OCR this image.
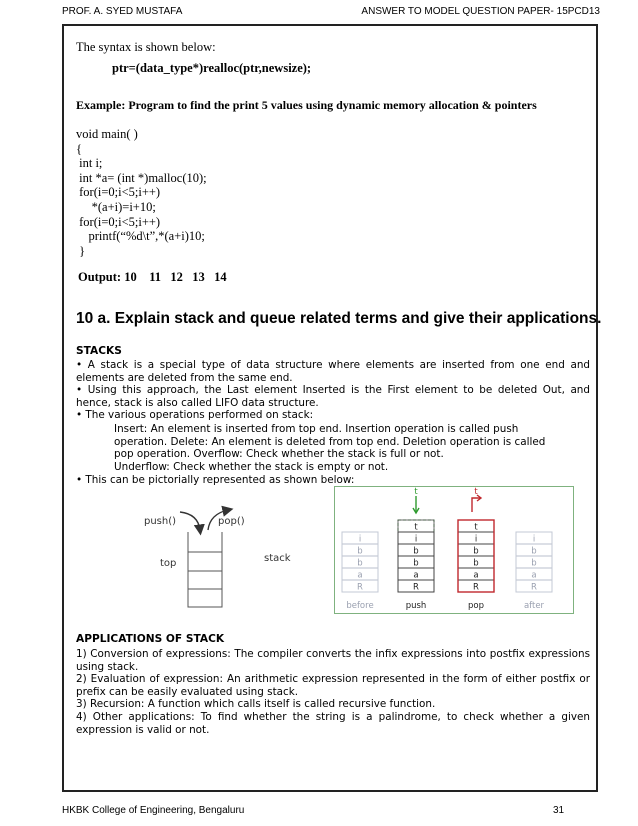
PROF. A. SYED MUSTAFA	ANSWER TO MODEL QUESTION PAPER- 15PCD13
The syntax is shown below:
ptr=(data_type*)realloc(ptr,newsize);
Example: Program to find the print 5 values using dynamic memory allocation & pointers
void main( )
{
int i;
int *a= (int *)malloc(10);
for(i=0;i<5;i++)
*(a+i)=i+10;
for(i=0;i<5;i++)
printf(“%d\t”,*(a+i)10;
}
Output: 10    11   12   13   14
10 a. Explain stack and queue related terms and give their applications.
STACKS
• A stack is a special type of data structure where elements are inserted from one end and elements are deleted from the same end.
• Using this approach, the Last element Inserted is the First element to be deleted Out, and hence, stack is also called LIFO data structure.
• The various operations performed on stack:
Insert: An element is inserted from top end. Insertion operation is called push
operation. Delete: An element is deleted from top end. Deletion operation is called
pop operation. Overflow: Check whether the stack is full or not.
Underflow: Check whether the stack is empty or not.
• This can be pictorially represented as shown below:
push()	pop()
top	stack
i
b
b
a
R
before
t
i
b
b
a
R
push
t
t
i
b
b
a
R
pop
t
i
b
b
a
R
after
APPLICATIONS OF STACK
1) Conversion of expressions: The compiler converts the infix expressions into postfix expressions using stack.
2) Evaluation of expression: An arithmetic expression represented in the form of either postfix or prefix can be easily evaluated using stack.
3) Recursion: A function which calls itself is called recursive function.
4) Other applications: To find whether the string is a palindrome, to check whether a given expression is valid or not.
HKBK College of Engineering, Bengaluru	31
